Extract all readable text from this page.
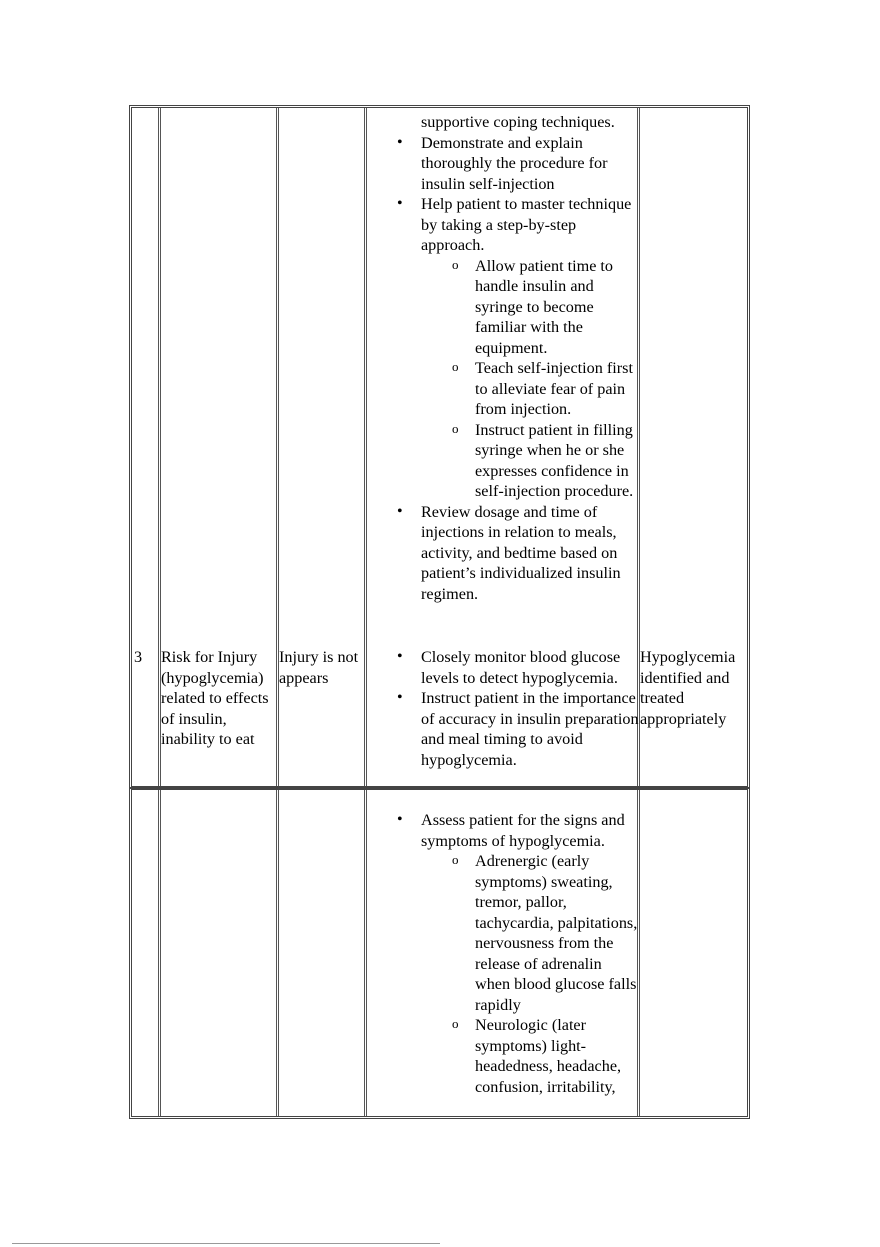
supportive coping techniques.
• Demonstrate and explain thoroughly the procedure for insulin self-injection
• Help patient to master technique by taking a step-by-step approach.
o Allow patient time to handle insulin and syringe to become familiar with the equipment.
o Teach self-injection first to alleviate fear of pain from injection.
o Instruct patient in filling syringe when he or she expresses confidence in self-injection procedure.
• Review dosage and time of injections in relation to meals, activity, and bedtime based on patient’s individualized insulin regimen.
3	Risk for Injury (hypoglycemia) related to effects of insulin, inability to eat
Injury is not appears
• Closely monitor blood glucose levels to detect hypoglycemia.
• Instruct patient in the importance of accuracy in insulin preparation and meal timing to avoid hypoglycemia.
Hypoglycemia identified and treated appropriately
• Assess patient for the signs and symptoms of hypoglycemia.
o Adrenergic (early symptoms) sweating, tremor, pallor, tachycardia, palpitations, nervousness from the release of adrenalin when blood glucose falls rapidly
o Neurologic (later symptoms) light-headedness, headache, confusion, irritability,
